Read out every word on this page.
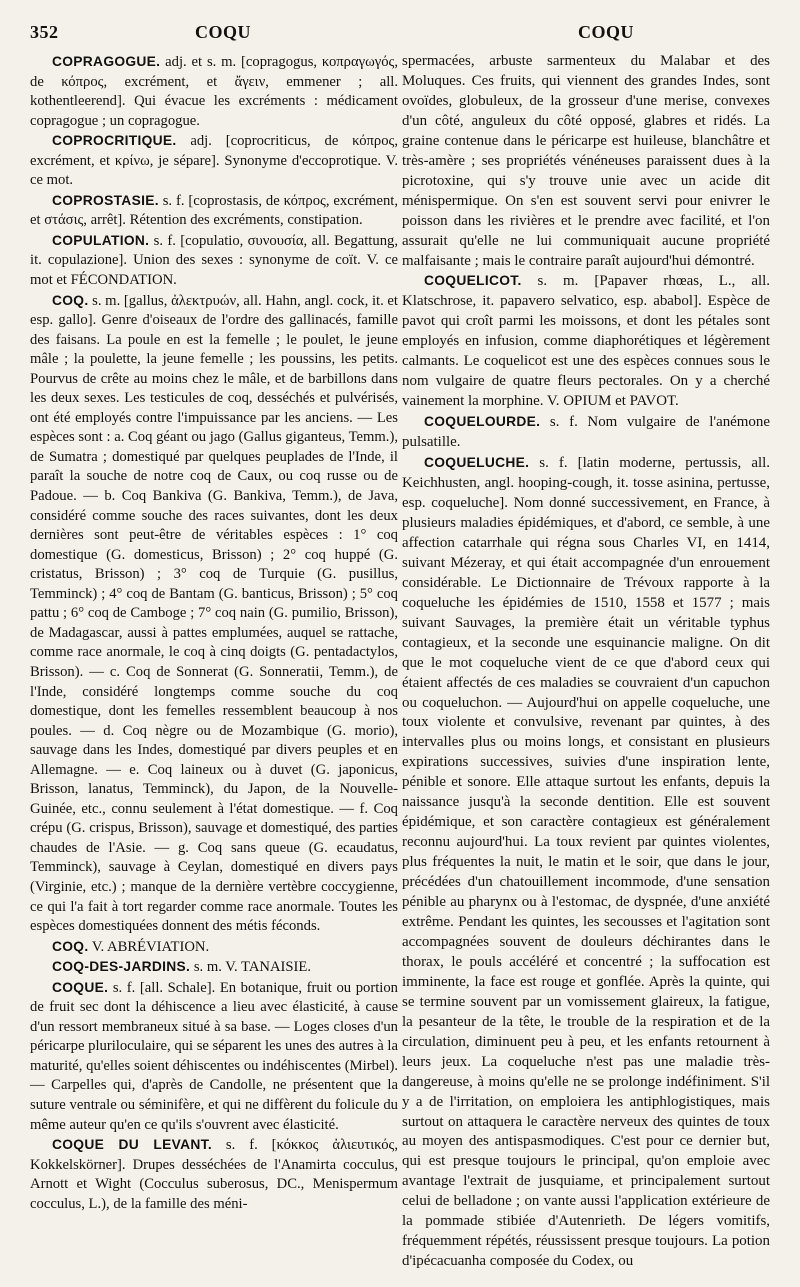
352	COQU	COQU

COPRAGOGUE. adj. et s. m. [copragogus, κοπραγωγός, de κόπρος, excrément, et ἄγειν, emmener ; all. kothentleerend]. Qui évacue les excréments : médicament copragogue ; un copragogue.

COPROCRITIQUE. adj. [coprocriticus, de κόπρος, excrément, et κρίνω, je sépare]. Synonyme d'eccoprotique. V. ce mot.

COPROSTASIE. s. f. [coprostasis, de κόπρος, excrément, et στάσις, arrêt]. Rétention des excréments, constipation.

COPULATION. s. f. [copulatio, συνουσία, all. Begattung, it. copulazione]. Union des sexes : synonyme de coït. V. ce mot et FÉCONDATION.

COQ. s. m. [gallus, ἀλεκτρυών, all. Hahn, angl. cock, it. et esp. gallo]. Genre d'oiseaux de l'ordre des gallinacés, famille des faisans. La poule en est la femelle ; le poulet, le jeune mâle ; la poulette, la jeune femelle ; les poussins, les petits. Pourvus de crête au moins chez le mâle, et de barbillons dans les deux sexes. Les testicules de coq, desséchés et pulvérisés, ont été employés contre l'impuissance par les anciens. — Les espèces sont : a. Coq géant ou jago (Gallus giganteus, Temm.), de Sumatra ; domestiqué par quelques peuplades de l'Inde, il paraît la souche de notre coq de Caux, ou coq russe ou de Padoue. — b. Coq Bankiva (G. Bankiva, Temm.), de Java, considéré comme souche des races suivantes, dont les deux dernières sont peut-être de véritables espèces : 1° coq domestique (G. domesticus, Brisson) ; 2° coq huppé (G. cristatus, Brisson) ; 3° coq de Turquie (G. pusillus, Temminck) ; 4° coq de Bantam (G. banticus, Brisson) ; 5° coq pattu ; 6° coq de Camboge ; 7° coq nain (G. pumilio, Brisson), de Madagascar, aussi à pattes emplumées, auquel se rattache, comme race anormale, le coq à cinq doigts (G. pentadactylos, Brisson). — c. Coq de Sonnerat (G. Sonneratii, Temm.), de l'Inde, considéré longtemps comme souche du coq domestique, dont les femelles ressemblent beaucoup à nos poules. — d. Coq nègre ou de Mozambique (G. morio), sauvage dans les Indes, domestiqué par divers peuples et en Allemagne. — e. Coq laineux ou à duvet (G. japonicus, Brisson, lanatus, Temminck), du Japon, de la Nouvelle-Guinée, etc., connu seulement à l'état domestique. — f. Coq crépu (G. crispus, Brisson), sauvage et domestiqué, des parties chaudes de l'Asie. — g. Coq sans queue (G. ecaudatus, Temminck), sauvage à Ceylan, domestiqué en divers pays (Virginie, etc.) ; manque de la dernière vertèbre coccygienne, ce qui l'a fait à tort regarder comme race anormale. Toutes les espèces domestiquées donnent des métis féconds.

COQ. V. ABRÉVIATION.

COQ-DES-JARDINS. s. m. V. TANAISIE.

COQUE. s. f. [all. Schale]. En botanique, fruit ou portion de fruit sec dont la déhiscence a lieu avec élasticité, à cause d'un ressort membraneux situé à sa base. — Loges closes d'un péricarpe pluriloculaire, qui se séparent les unes des autres à la maturité, qu'elles soient déhiscentes ou indéhiscentes (Mirbel). — Carpelles qui, d'après de Candolle, ne présentent que la suture ventrale ou séminifère, et qui ne diffèrent du folicule du même auteur qu'en ce qu'ils s'ouvrent avec élasticité.

COQUE DU LEVANT. s. f. [κόκκος ἀλιευτικός, Kokkelskörner]. Drupes desséchées de l'Anamirta cocculus, Arnott et Wight (Cocculus suberosus, DC., Menispermum cocculus, L.), de la famille des méni-

spermacées, arbuste sarmenteux du Malabar et des Moluques. Ces fruits, qui viennent des grandes Indes, sont ovoïdes, globuleux, de la grosseur d'une merise, convexes d'un côté, anguleux du côté opposé, glabres et ridés. La graine contenue dans le péricarpe est huileuse, blanchâtre et très-amère ; ses propriétés vénéneuses paraissent dues à la picrotoxine, qui s'y trouve unie avec un acide dit ménispermique. On s'en est souvent servi pour enivrer le poisson dans les rivières et le prendre avec facilité, et l'on assurait qu'elle ne lui communiquait aucune propriété malfaisante ; mais le contraire paraît aujourd'hui démontré.

COQUELICOT. s. m. [Papaver rhœas, L., all. Klatschrose, it. papavero selvatico, esp. ababol]. Espèce de pavot qui croît parmi les moissons, et dont les pétales sont employés en infusion, comme diaphorétiques et légèrement calmants. Le coquelicot est une des espèces connues sous le nom vulgaire de quatre fleurs pectorales. On y a cherché vainement la morphine. V. OPIUM et PAVOT.

COQUELOURDE. s. f. Nom vulgaire de l'anémone pulsatille.

COQUELUCHE. s. f. [latin moderne, pertussis, all. Keichhusten, angl. hooping-cough, it. tosse asinina, pertusse, esp. coqueluche]. Nom donné successivement, en France, à plusieurs maladies épidémiques, et d'abord, ce semble, à une affection catarrhale qui régna sous Charles VI, en 1414, suivant Mézeray, et qui était accompagnée d'un enrouement considérable. Le Dictionnaire de Trévoux rapporte à la coqueluche les épidémies de 1510, 1558 et 1577 ; mais suivant Sauvages, la première était un véritable typhus contagieux, et la seconde une esquinancie maligne. On dit que le mot coqueluche vient de ce que d'abord ceux qui étaient affectés de ces maladies se couvraient d'un capuchon ou coqueluchon. — Aujourd'hui on appelle coqueluche, une toux violente et convulsive, revenant par quintes, à des intervalles plus ou moins longs, et consistant en plusieurs expirations successives, suivies d'une inspiration lente, pénible et sonore. Elle attaque surtout les enfants, depuis la naissance jusqu'à la seconde dentition. Elle est souvent épidémique, et son caractère contagieux est généralement reconnu aujourd'hui. La toux revient par quintes violentes, plus fréquentes la nuit, le matin et le soir, que dans le jour, précédées d'un chatouillement incommode, d'une sensation pénible au pharynx ou à l'estomac, de dyspnée, d'une anxiété extrême. Pendant les quintes, les secousses et l'agitation sont accompagnées souvent de douleurs déchirantes dans le thorax, le pouls accéléré et concentré ; la suffocation est imminente, la face est rouge et gonflée. Après la quinte, qui se termine souvent par un vomissement glaireux, la fatigue, la pesanteur de la tête, le trouble de la respiration et de la circulation, diminuent peu à peu, et les enfants retournent à leurs jeux. La coqueluche n'est pas une maladie très-dangereuse, à moins qu'elle ne se prolonge indéfiniment. S'il y a de l'irritation, on emploiera les antiphlogistiques, mais surtout on attaquera le caractère nerveux des quintes de toux au moyen des antispasmodiques. C'est pour ce dernier but, qui est presque toujours le principal, qu'on emploie avec avantage l'extrait de jusquiame, et principalement surtout celui de belladone ; on vante aussi l'application extérieure de la pommade stibiée d'Autenrieth. De légers vomitifs, fréquemment répétés, réussissent presque toujours. La potion d'ipécacuanha composée du Codex, ou
